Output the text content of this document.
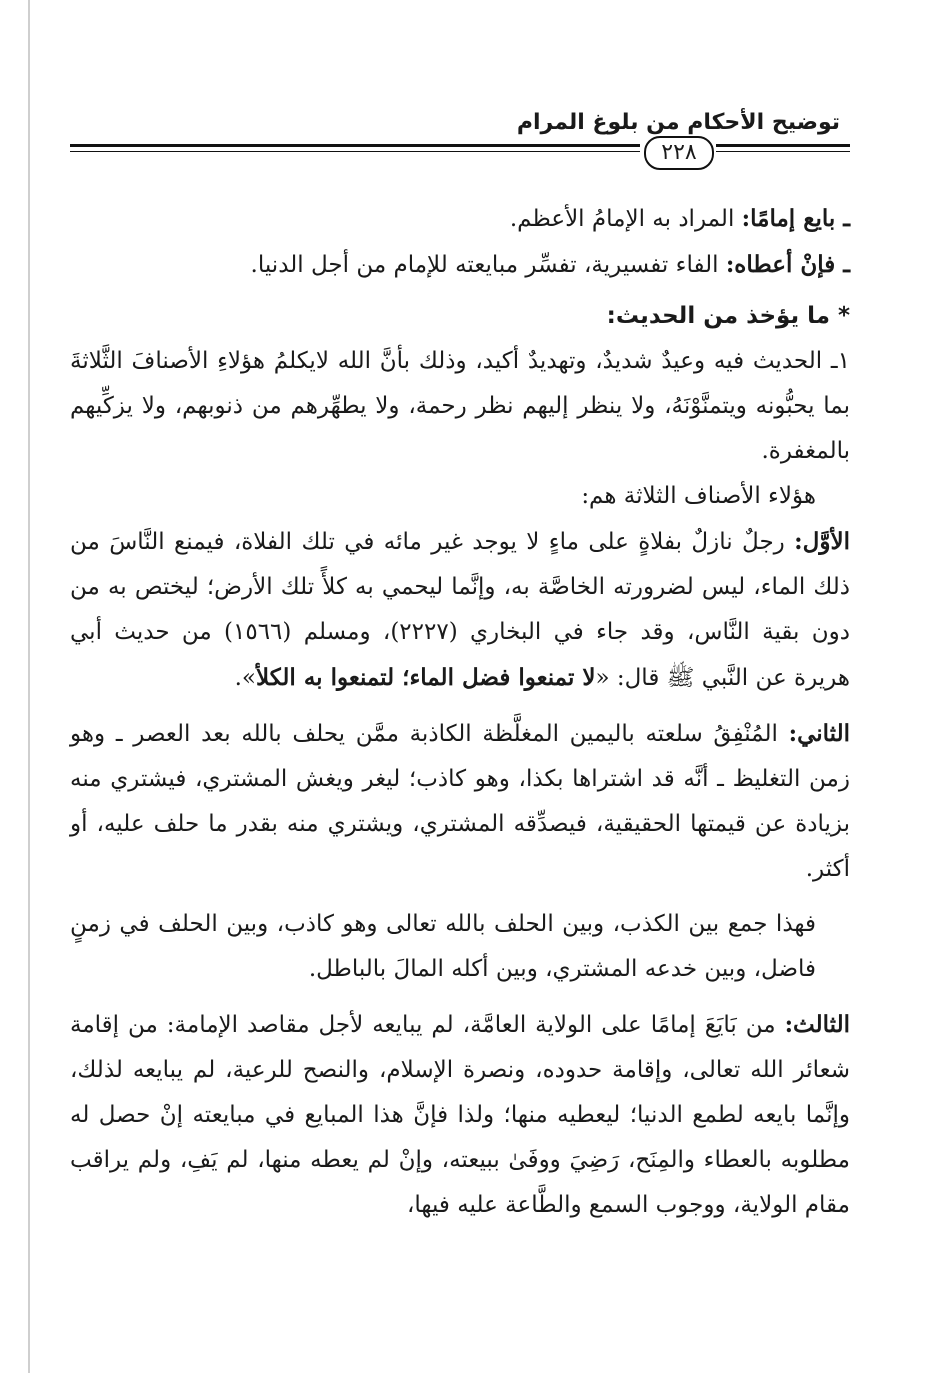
توضيح الأحكام من بلوغ المرام
٢٢٨

ـ بايع إمامًا: المراد به الإمامُ الأعظم.

ـ فإنْ أعطاه: الفاء تفسيرية، تفسِّر مبايعته للإمام من أجل الدنيا.

* ما يؤخذ من الحديث:

١ـ الحديث فيه وعيدٌ شديدٌ، وتهديدٌ أكيد، وذلك بأنَّ الله لايكلمُ هؤلاءِ الأصنافَ الثَّلاثةَ بما يحبُّونه ويتمنَّوْنَهُ، ولا ينظر إليهم نظر رحمة، ولا يطهِّرهم من ذنوبهم، ولا يزكِّيهم بالمغفرة.

هؤلاء الأصناف الثلاثة هم:

الأوَّل: رجلٌ نازلٌ بفلاةٍ على ماءٍ لا يوجد غير مائه في تلك الفلاة، فيمنع النَّاسَ من ذلك الماء، ليس لضرورته الخاصَّة به، وإنَّما ليحمي به كلأً تلك الأرض؛ ليختص به من دون بقية النَّاس، وقد جاء في البخاري (٢٢٢٧)، ومسلم (١٥٦٦) من حديث أبي هريرة عن النَّبي ﷺ قال: «لا تمنعوا فضل الماء؛ لتمنعوا به الكلأ».

الثاني: المُنْفِقُ سلعته باليمين المغلَّظة الكاذبة ممَّن يحلف بالله بعد العصر ـ وهو زمن التغليظ ـ أنَّه قد اشتراها بكذا، وهو كاذب؛ ليغر ويغش المشتري، فيشتري منه بزيادة عن قيمتها الحقيقية، فيصدِّقه المشتري، ويشتري منه بقدر ما حلف عليه، أو أكثر.

فهذا جمع بين الكذب، وبين الحلف بالله تعالى وهو كاذب، وبين الحلف في زمنٍ فاضل، وبين خدعه المشتري، وبين أكله المالَ بالباطل.

الثالث: من بَايَعَ إمامًا على الولاية العامَّة، لم يبايعه لأجل مقاصد الإمامة: من إقامة شعائر الله تعالى، وإقامة حدوده، ونصرة الإسلام، والنصح للرعية، لم يبايعه لذلك، وإنَّما بايعه لطمع الدنيا؛ ليعطيه منها؛ ولذا فإنَّ هذا المبايع في مبايعته إنْ حصل له مطلوبه بالعطاء والمِنَح، رَضِيَ ووفَىٰ ببيعته، وإنْ لم يعطه منها، لم يَفِ، ولم يراقب مقام الولاية، ووجوب السمع والطَّاعة عليه فيها،
